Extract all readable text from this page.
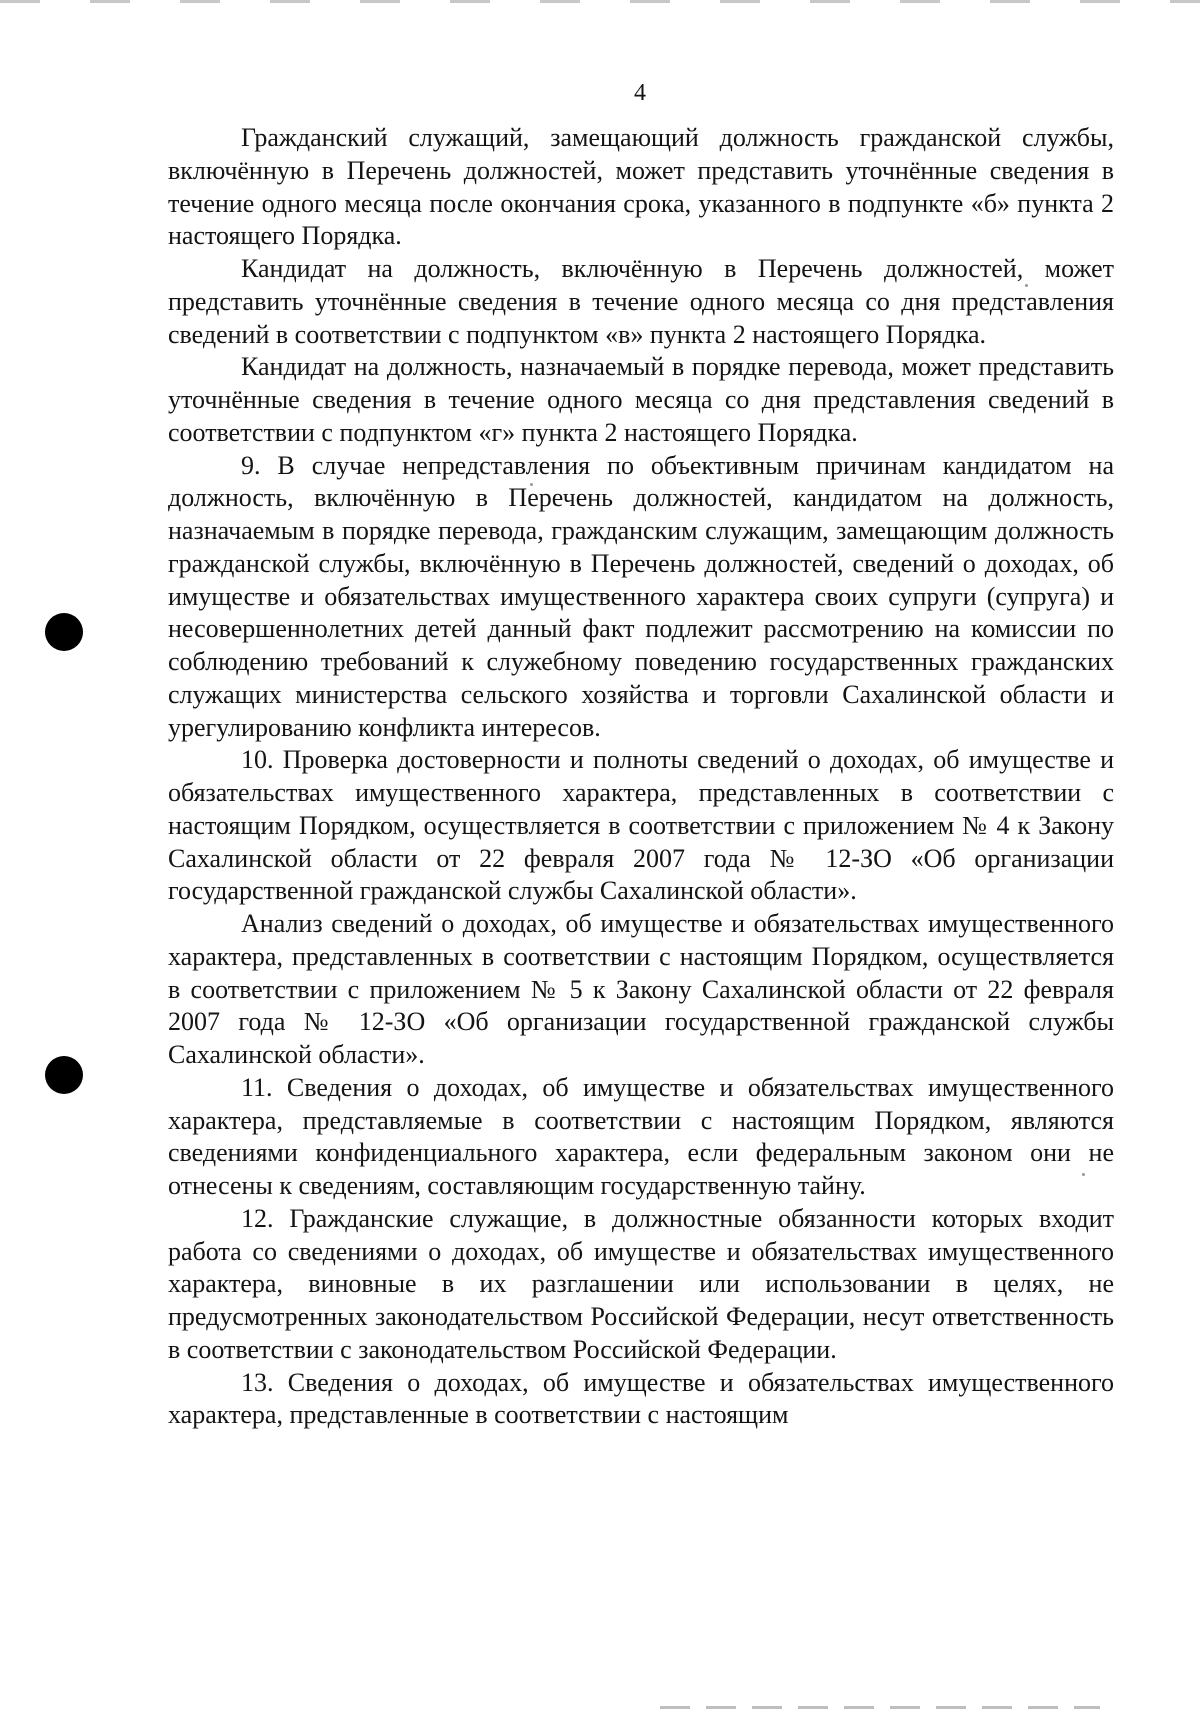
4

Гражданский служащий, замещающий должность гражданской службы, включённую в Перечень должностей, может представить уточнённые сведения в течение одного месяца после окончания срока, указанного в подпункте «б» пункта 2 настоящего Порядка.

Кандидат на должность, включённую в Перечень должностей, может представить уточнённые сведения в течение одного месяца со дня представления сведений в соответствии с подпунктом «в» пункта 2 настоящего Порядка.

Кандидат на должность, назначаемый в порядке перевода, может представить уточнённые сведения в течение одного месяца со дня представления сведений в соответствии с подпунктом «г» пункта 2 настоящего Порядка.

9. В случае непредставления по объективным причинам кандидатом на должность, включённую в Перечень должностей, кандидатом на должность, назначаемым в порядке перевода, гражданским служащим, замещающим должность гражданской службы, включённую в Перечень должностей, сведений о доходах, об имуществе и обязательствах имущественного характера своих супруги (супруга) и несовершеннолетних детей данный факт подлежит рассмотрению на комиссии по соблюдению требований к служебному поведению государственных гражданских служащих министерства сельского хозяйства и торговли Сахалинской области и урегулированию конфликта интересов.

10. Проверка достоверности и полноты сведений о доходах, об имуществе и обязательствах имущественного характера, представленных в соответствии с настоящим Порядком, осуществляется в соответствии с приложением № 4 к Закону Сахалинской области от 22 февраля 2007 года № 12-ЗО «Об организации государственной гражданской службы Сахалинской области».

Анализ сведений о доходах, об имуществе и обязательствах имущественного характера, представленных в соответствии с настоящим Порядком, осуществляется в соответствии с приложением № 5 к Закону Сахалинской области от 22 февраля 2007 года № 12-ЗО «Об организации государственной гражданской службы Сахалинской области».

11. Сведения о доходах, об имуществе и обязательствах имущественного характера, представляемые в соответствии с настоящим Порядком, являются сведениями конфиденциального характера, если федеральным законом они не отнесены к сведениям, составляющим государственную тайну.

12. Гражданские служащие, в должностные обязанности которых входит работа со сведениями о доходах, об имуществе и обязательствах имущественного характера, виновные в их разглашении или использовании в целях, не предусмотренных законодательством Российской Федерации, несут ответственность в соответствии с законодательством Российской Федерации.

13. Сведения о доходах, об имуществе и обязательствах имущественного характера, представленные в соответствии с настоящим
